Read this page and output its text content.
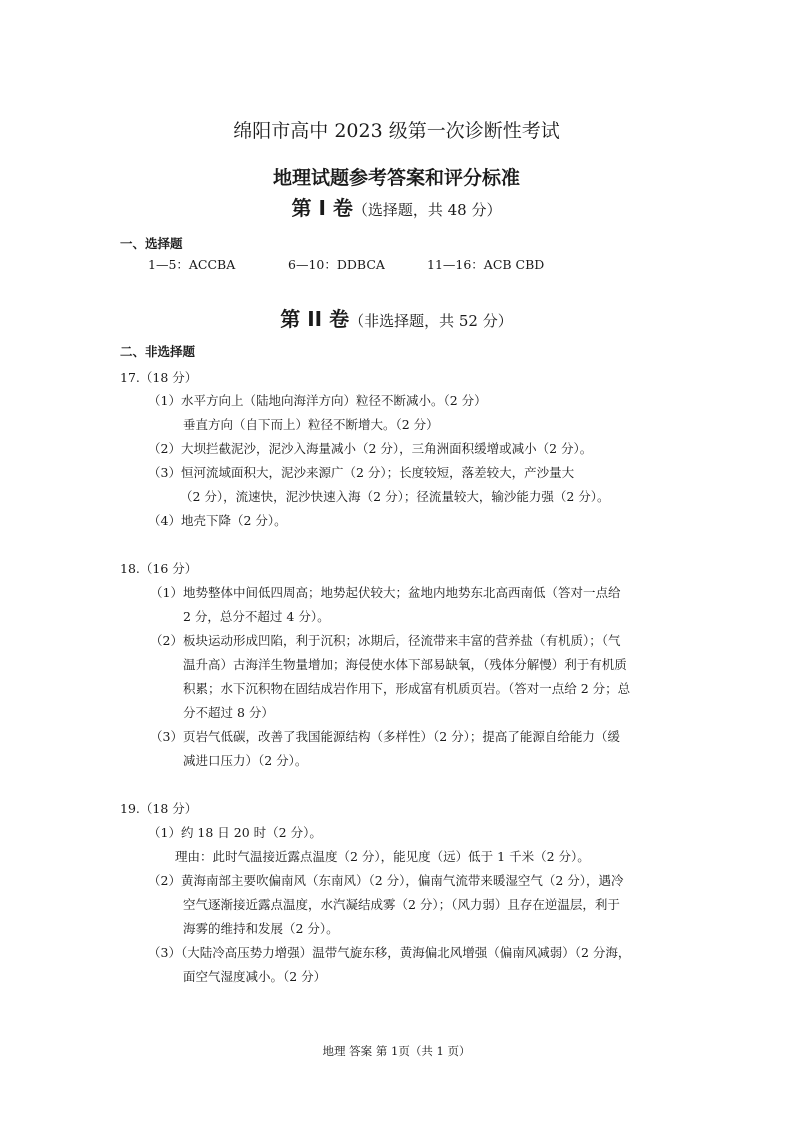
绵阳市高中 2023 级第一次诊断性考试
地理试题参考答案和评分标准
第 I 卷（选择题，共 48 分）
一、选择题
1—5：ACCBA	6—10：DDBCA	11—16：ACB CBD
第 II 卷（非选择题，共 52 分）
二、非选择题
17.（18 分）
（1）水平方向上（陆地向海洋方向）粒径不断减小。（2 分）
垂直方向（自下而上）粒径不断增大。（2 分）
（2）大坝拦截泥沙，泥沙入海量减小（2 分），三角洲面积缓增或减小（2 分）。
（3）恒河流域面积大，泥沙来源广（2 分）；长度较短，落差较大，产沙量大
（2 分），流速快，泥沙快速入海（2 分）；径流量较大，输沙能力强（2 分）。
（4）地壳下降（2 分）。
18.（16 分）
（1）地势整体中间低四周高；地势起伏较大；盆地内地势东北高西南低（答对一点给
2 分，总分不超过 4 分）。
（2）板块运动形成凹陷，利于沉积；冰期后，径流带来丰富的营养盐（有机质）；（气
温升高）古海洋生物量增加；海侵使水体下部易缺氧，（残体分解慢）利于有机质
积累；水下沉积物在固结成岩作用下，形成富有机质页岩。（答对一点给 2 分；总
分不超过 8 分）
（3）页岩气低碳，改善了我国能源结构（多样性）（2 分）；提高了能源自给能力（缓
减进口压力）（2 分）。
19.（18 分）
（1）约 18 日 20 时（2 分）。
理由：此时气温接近露点温度（2 分），能见度（远）低于 1 千米（2 分）。
（2）黄海南部主要吹偏南风（东南风）（2 分），偏南气流带来暖湿空气（2 分），遇冷
空气逐渐接近露点温度，水汽凝结成雾（2 分）；（风力弱）且存在逆温层，利于
海雾的维持和发展（2 分）。
（3）（大陆冷高压势力增强）温带气旋东移，黄海偏北风增强（偏南风减弱）（2 分海，
面空气湿度减小。（2 分）
地理 答案 第 1页（共 1 页）
